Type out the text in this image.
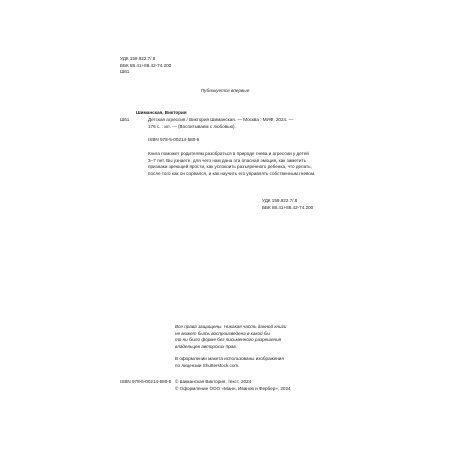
УДК 159.922.7/.8

ББК 88.41+88.42-74.200

Ш61

Публикуется впервые
Шиманская, Виктория
Ш61	Детская агрессия / Виктория Шиманская. — Москва : МИФ, 2024. —

176 с. : ил. — (Воспитываем с любовью).

ISBN 978-5-00214-580-5

Книга поможет родителям разобраться в природе гнева и агрессии у детей

3–7 лет. Вы узнаете, для чего нам дана эта опасная эмоция, как заметить

признаки зреющей ярости, как успокоить разъяренного ребенка, что делать,

после того как он сорвался, и как научить его управлять собственным гневом.

УДК 159.922.7/.8

ББК 88.41+88.42-74.200

Все права защищены. Никакая часть данной книги

не может быть воспроизведена в какой бы

то ни было форме без письменного разрешения

владельцев авторских прав.

В оформлении макета использованы изображения

по лицензии Shutterstock.com.

ISBN 978-5-00214-580-5 © Шиманская Виктория, текст, 2024

© Оформление ООО «Манн, Иванов и Фербер», 2024
